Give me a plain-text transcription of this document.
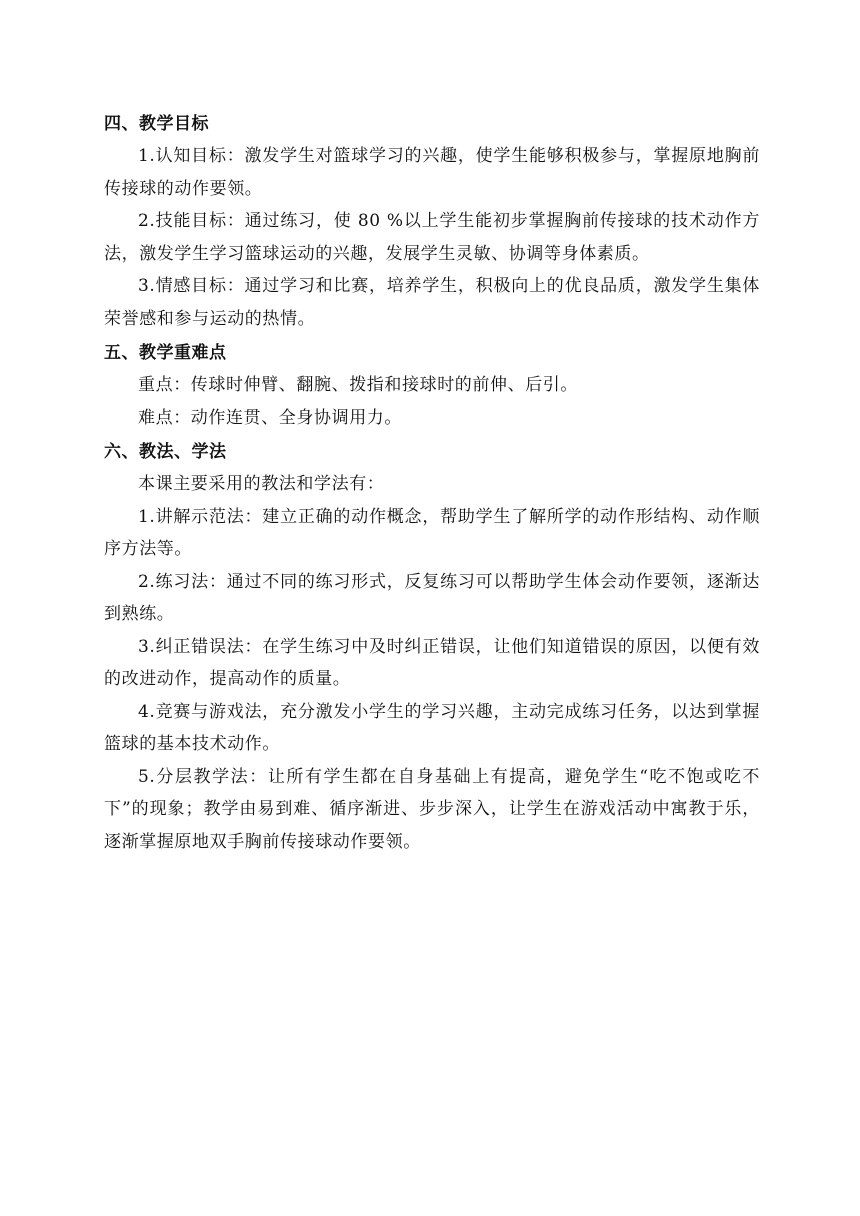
四、教学目标

1.认知目标：激发学生对篮球学习的兴趣，使学生能够积极参与，掌握原地胸前传接球的动作要领。

2.技能目标：通过练习，使 80 %以上学生能初步掌握胸前传接球的技术动作方法，激发学生学习篮球运动的兴趣，发展学生灵敏、协调等身体素质。

3.情感目标：通过学习和比赛，培养学生，积极向上的优良品质，激发学生集体荣誉感和参与运动的热情。

五、教学重难点

重点：传球时伸臂、翻腕、拨指和接球时的前伸、后引。

难点：动作连贯、全身协调用力。

六、教法、学法

本课主要采用的教法和学法有：

1.讲解示范法：建立正确的动作概念，帮助学生了解所学的动作形结构、动作顺序方法等。

2.练习法：通过不同的练习形式，反复练习可以帮助学生体会动作要领，逐渐达到熟练。

3.纠正错误法：在学生练习中及时纠正错误，让他们知道错误的原因，以便有效的改进动作，提高动作的质量。

4.竞赛与游戏法，充分激发小学生的学习兴趣，主动完成练习任务，以达到掌握篮球的基本技术动作。

5.分层教学法：让所有学生都在自身基础上有提高，避免学生“吃不饱或吃不下”的现象；教学由易到难、循序渐进、步步深入，让学生在游戏活动中寓教于乐，逐渐掌握原地双手胸前传接球动作要领。
